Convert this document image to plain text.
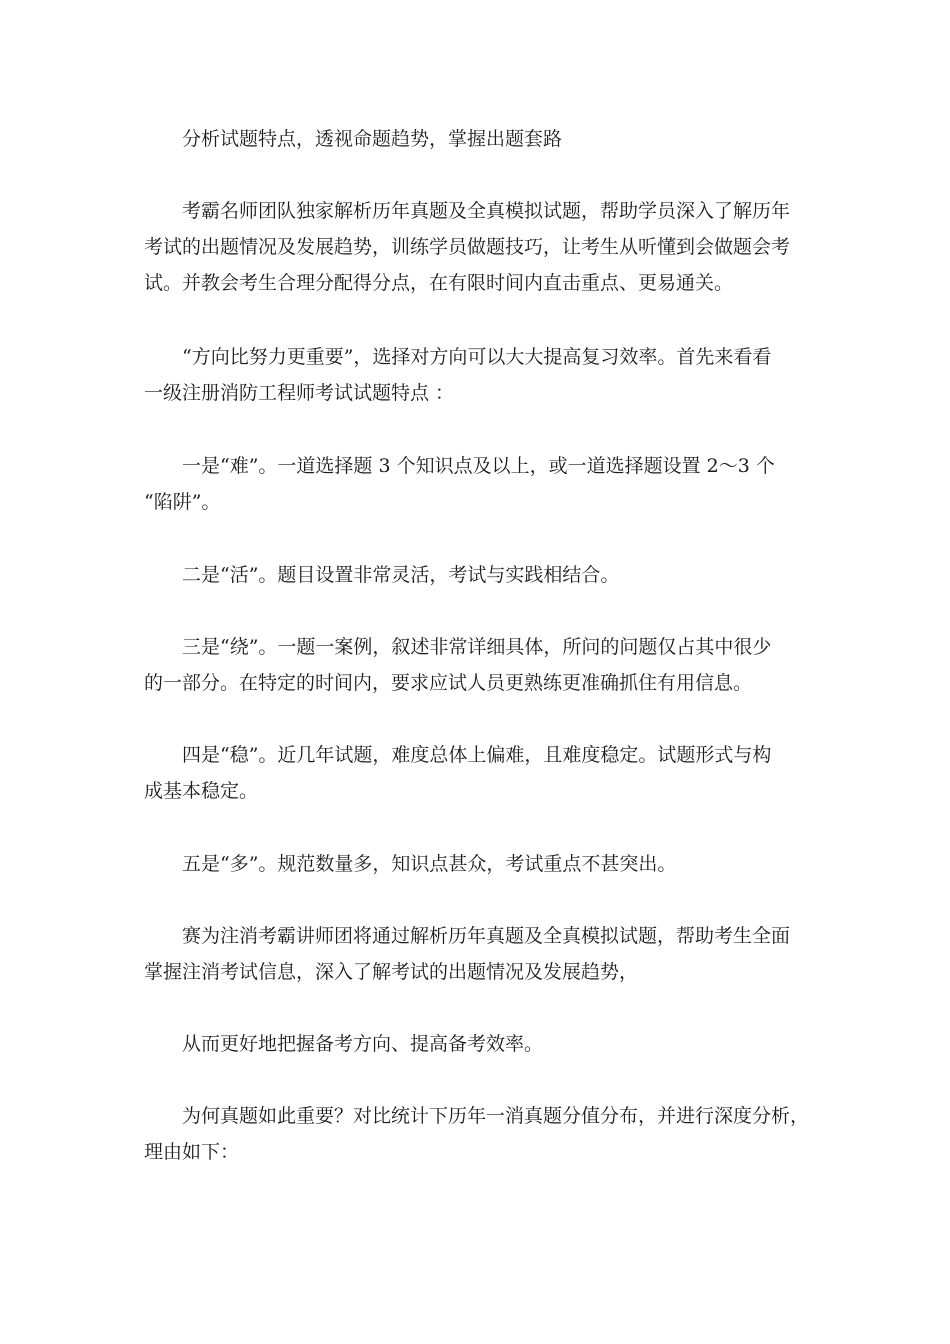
　　分析试题特点，透视命题趋势，掌握出题套路

　　考霸名师团队独家解析历年真题及全真模拟试题，帮助学员深入了解历年
考试的出题情况及发展趋势，训练学员做题技巧，让考生从听懂到会做题会考
试。并教会考生合理分配得分点，在有限时间内直击重点、更易通关。

　　“方向比努力更重要”，选择对方向可以大大提高复习效率。首先来看看
一级注册消防工程师考试试题特点 ：

　　一是“难”。一道选择题 3 个知识点及以上，或一道选择题设置 2～3 个
“陷阱”。

　　二是“活”。题目设置非常灵活，考试与实践相结合。

　　三是“绕”。一题一案例，叙述非常详细具体，所问的问题仅占其中很少
的一部分。在特定的时间内，要求应试人员更熟练更准确抓住有用信息。

　　四是“稳”。近几年试题，难度总体上偏难，且难度稳定。试题形式与构
成基本稳定。

　　五是“多”。规范数量多，知识点甚众，考试重点不甚突出。

　　赛为注消考霸讲师团将通过解析历年真题及全真模拟试题，帮助考生全面
掌握注消考试信息，深入了解考试的出题情况及发展趋势，

　　从而更好地把握备考方向、提高备考效率。

　　为何真题如此重要？对比统计下历年一消真题分值分布，并进行深度分析，
理由如下：
